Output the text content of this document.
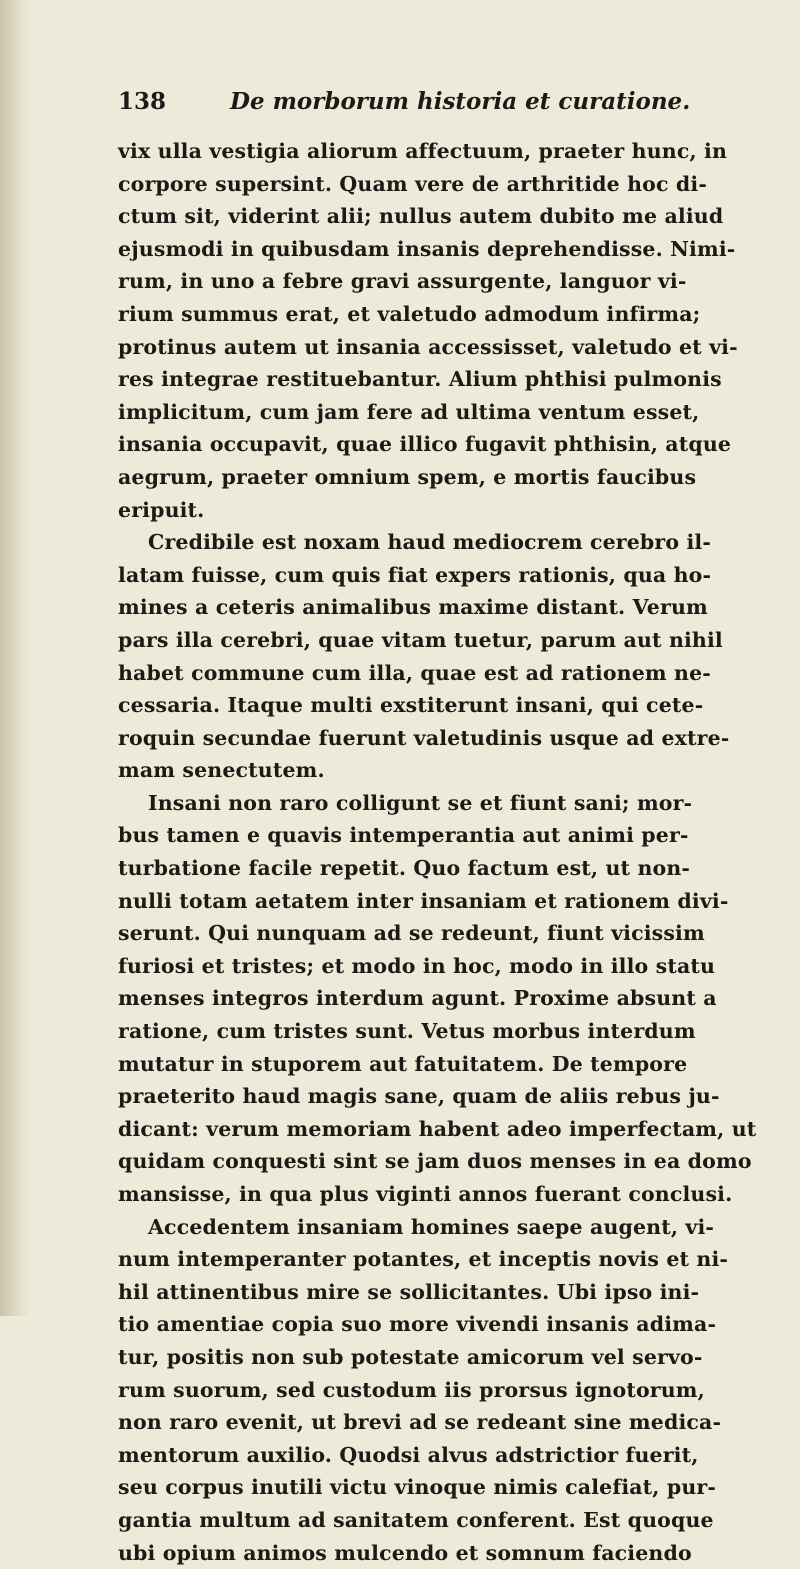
138	De morborum historia et curatione.
vix ulla vestigia aliorum affectuum, praeter hunc, in
corpore supersint. Quam vere de arthritide hoc di-
ctum sit, viderint alii; nullus autem dubito me aliud
ejusmodi in quibusdam insanis deprehendisse. Nimi-
rum, in uno a febre gravi assurgente, languor vi-
rium summus erat, et valetudo admodum infirma;
protinus autem ut insania accessisset, valetudo et vi-
res integrae restituebantur. Alium phthisi pulmonis
implicitum, cum jam fere ad ultima ventum esset,
insania occupavit, quae illico fugavit phthisin, atque
aegrum, praeter omnium spem, e mortis faucibus
eripuit.
Credibile est noxam haud mediocrem cerebro il-
latam fuisse, cum quis fiat expers rationis, qua ho-
mines a ceteris animalibus maxime distant. Verum
pars illa cerebri, quae vitam tuetur, parum aut nihil
habet commune cum illa, quae est ad rationem ne-
cessaria. Itaque multi exstiterunt insani, qui cete-
roquin secundae fuerunt valetudinis usque ad extre-
mam senectutem.
Insani non raro colligunt se et fiunt sani; mor-
bus tamen e quavis intemperantia aut animi per-
turbatione facile repetit. Quo factum est, ut non-
nulli totam aetatem inter insaniam et rationem divi-
serunt. Qui nunquam ad se redeunt, fiunt vicissim
furiosi et tristes; et modo in hoc, modo in illo statu
menses integros interdum agunt. Proxime absunt a
ratione, cum tristes sunt. Vetus morbus interdum
mutatur in stuporem aut fatuitatem. De tempore
praeterito haud magis sane, quam de aliis rebus ju-
dicant: verum memoriam habent adeo imperfectam, ut
quidam conquesti sint se jam duos menses in ea domo
mansisse, in qua plus viginti annos fuerant conclusi.
Accedentem insaniam homines saepe augent, vi-
num intemperanter potantes, et inceptis novis et ni-
hil attinentibus mire se sollicitantes. Ubi ipso ini-
tio amentiae copia suo more vivendi insanis adima-
tur, positis non sub potestate amicorum vel servo-
rum suorum, sed custodum iis prorsus ignotorum,
non raro evenit, ut brevi ad se redeant sine medica-
mentorum auxilio. Quodsi alvus adstrictior fuerit,
seu corpus inutili victu vinoque nimis calefiat, pur-
gantia multum ad sanitatem conferent. Est quoque
ubi opium animos mulcendo et somnum faciendo
